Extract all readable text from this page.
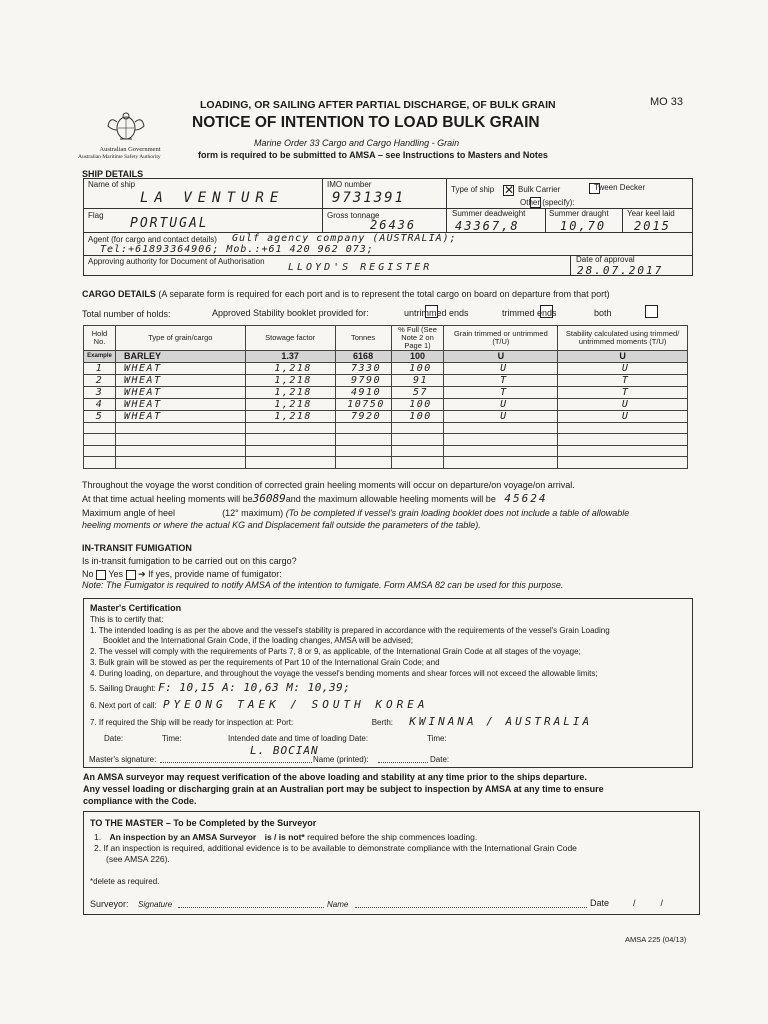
Australian Government
Australian Maritime Safety Authority
LOADING, OR SAILING AFTER PARTIAL DISCHARGE, OF BULK GRAIN	MO 33
NOTICE OF INTENTION TO LOAD BULK GRAIN
Marine Order 33 Cargo and Cargo Handling - Grain
form is required to be submitted to AMSA – see Instructions to Masters and Notes
SHIP DETAILS
Name of ship
LA VENTURE
IMO number
9731391
Type of ship ✕	Bulk Carrier
	Tween Decker

Other (specify):
Flag
PORTUGAL
Gross tonnage
26436
Summer deadweight
43367,8
Summer draught
10,70
Year keel laid
2015
Agent (for cargo and contact details) Gulf agency company (AUSTRALIA);
Tel:+61893364906; Mob.:+61 420 962 073;
Approving authority for Document of Authorisation
LLOYD'S REGISTER
Date of approval
28.07.2017
CARGO DETAILS (A separate form is required for each port and is to represent the total cargo on board on departure from that port)
Total number of holds:	Approved Stability booklet provided for:
	untrimmed ends
	trimmed ends	both
Hold No.	Type of grain/cargo	Stowage factor	Tonnes	% Full (See Note 2 on Page 1)	Grain trimmed or untrimmed (T/U)	Stability calculated using trimmed/ untrimmed moments (T/U)
Example	BARLEY	1.37	6168	100	U	U
1	WHEAT	1,218	7330	100	U	U
2	WHEAT	1,218	9790	91	T	T
3	WHEAT	1,218	4910	57	T	T
4	WHEAT	1,218	10750	100	U	U
5	WHEAT	1,218	7920	100	U	U

Throughout the voyage the worst condition of corrected grain heeling moments will occur on departure/on voyage/on arrival.
At that time actual heeling moments will be36089and the maximum allowable heeling moments will be 45624
Maximum angle of heel	(12° maximum) (To be completed if vessel's grain loading booklet does not include a table of allowable
heeling moments or where the actual KG and Displacement fall outside the parameters of the table).
IN-TRANSIT FUMIGATION
Is in-transit fumigation to be carried out on this cargo?
No Yes ➔ If yes, provide name of fumigator:
Note: The Fumigator is required to notify AMSA of the intention to fumigate. Form AMSA 82 can be used for this purpose.
Master's Certification
This is to certify that:
1. The intended loading is as per the above and the vessel's stability is prepared in accordance with the requirements of the vessel's Grain Loading
Booklet and the International Grain Code, if the loading changes, AMSA will be advised;
2. The vessel will comply with the requirements of Parts 7, 8 or 9, as applicable, of the International Grain Code at all stages of the voyage;
3. Bulk grain will be stowed as per the requirements of Part 10 of the International Grain Code; and
4. During loading, on departure, and throughout the voyage the vessel's bending moments and shear forces will not exceed the allowable limits;
5. Sailing Draught: F: 10,15 A: 10,63 M: 10,39;
6. Next port of call: PYEONG TAEK / SOUTH KOREA
7. If required the Ship will be ready for inspection at: Port:	Berth: KWINANA / AUSTRALIA
Date:	Time:	Intended date and time of loading Date:	Time:
Master's signature:
L. BOCIAN
Name (printed):	Date:
An AMSA surveyor may request verification of the above loading and stability at any time prior to the ships departure.
Any vessel loading or discharging grain at an Australian port may be subject to inspection by AMSA at any time to ensure
compliance with the Code.
TO THE MASTER – To be Completed by the Surveyor
1. An inspection by an AMSA Surveyor is / is not* required before the ship commences loading.
2. If an inspection is required, additional evidence is to be available to demonstrate compliance with the International Grain Code
(see AMSA 226).
*delete as required.
Surveyor: Signature	Name	Date	/          /
AMSA 225 (04/13)
